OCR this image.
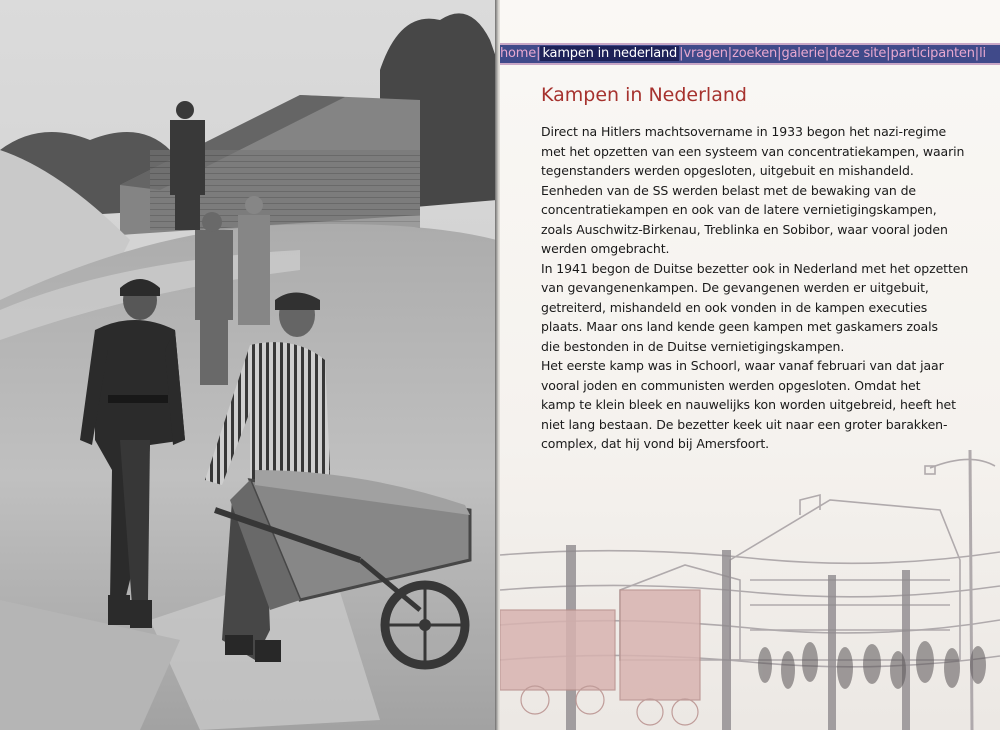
home| kampen in nederland |vragen|zoeken|galerie|deze site|participanten|li
Kampen in Nederland

Direct na Hitlers machtsovername in 1933 begon het nazi-regime

met het opzetten van een systeem van concentratiekampen, waarin

tegenstanders werden opgesloten, uitgebuit en mishandeld.

Eenheden van de SS werden belast met de bewaking van de

concentratiekampen en ook van de latere vernietigingskampen,

zoals Auschwitz-Birkenau, Treblinka en Sobibor, waar vooral joden

werden omgebracht.

In 1941 begon de Duitse bezetter ook in Nederland met het opzetten

van gevangenenkampen. De gevangenen werden er uitgebuit,

getreiterd, mishandeld en ook vonden in de kampen executies

plaats. Maar ons land kende geen kampen met gaskamers zoals

die bestonden in de Duitse vernietigingskampen.

Het eerste kamp was in Schoorl, waar vanaf februari van dat jaar

vooral joden en communisten werden opgesloten. Omdat het

kamp te klein bleek en nauwelijks kon worden uitgebreid, heeft het

niet lang bestaan. De bezetter keek uit naar een groter barakken-

complex, dat hij vond bij Amersfoort.
